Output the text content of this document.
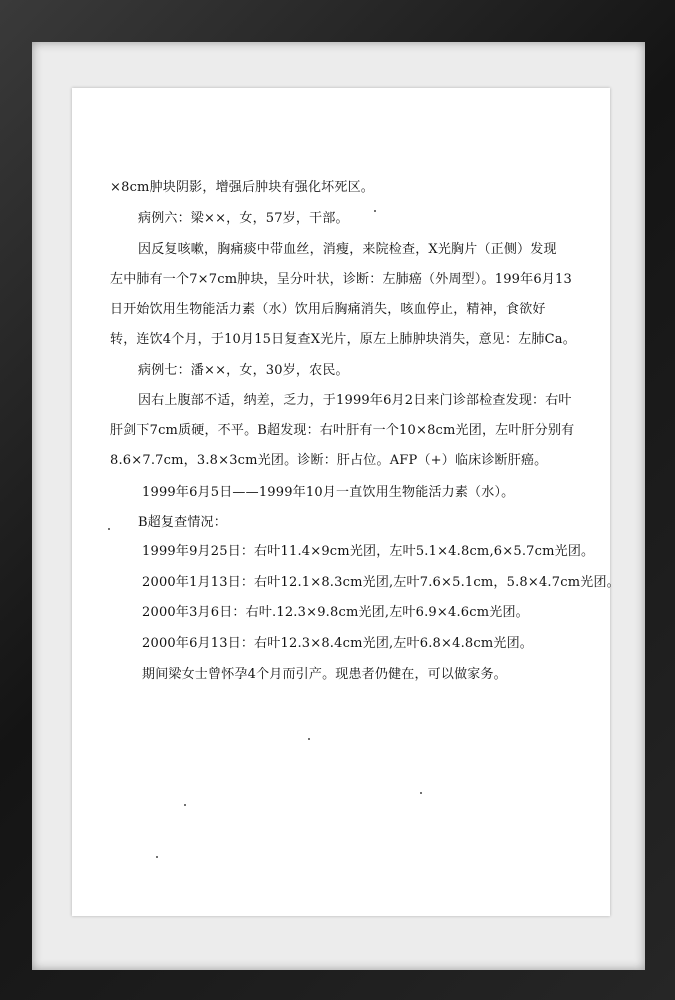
×8cm肿块阴影，增强后肿块有强化坏死区。
病例六：梁××，女，57岁，干部。
因反复咳嗽，胸痛痰中带血丝，消瘦，来院检查，X光胸片（正侧）发现
左中肺有一个7×7cm肿块，呈分叶状，诊断：左肺癌（外周型）。199年6月13
日开始饮用生物能活力素（水）饮用后胸痛消失，咳血停止，精神，食欲好
转，连饮4个月，于10月15日复查X光片，原左上肺肿块消失，意见：左肺Ca。
病例七：潘××，女，30岁，农民。
因右上腹部不适，纳差，乏力，于1999年6月2日来门诊部检查发现：右叶
肝剑下7cm质硬，不平。B超发现：右叶肝有一个10×8cm光团，左叶肝分别有
8.6×7.7cm，3.8×3cm光团。诊断：肝占位。AFP（+）临床诊断肝癌。
1999年6月5日——1999年10月一直饮用生物能活力素（水）。
B超复查情况：
1999年9月25日：右叶11.4×9cm光团，左叶5.1×4.8cm,6×5.7cm光团。
2000年1月13日：右叶12.1×8.3cm光团,左叶7.6×5.1cm，5.8×4.7cm光团。
2000年3月6日：右叶.12.3×9.8cm光团,左叶6.9×4.6cm光团。
2000年6月13日：右叶12.3×8.4cm光团,左叶6.8×4.8cm光团。
期间梁女士曾怀孕4个月而引产。现患者仍健在，可以做家务。
